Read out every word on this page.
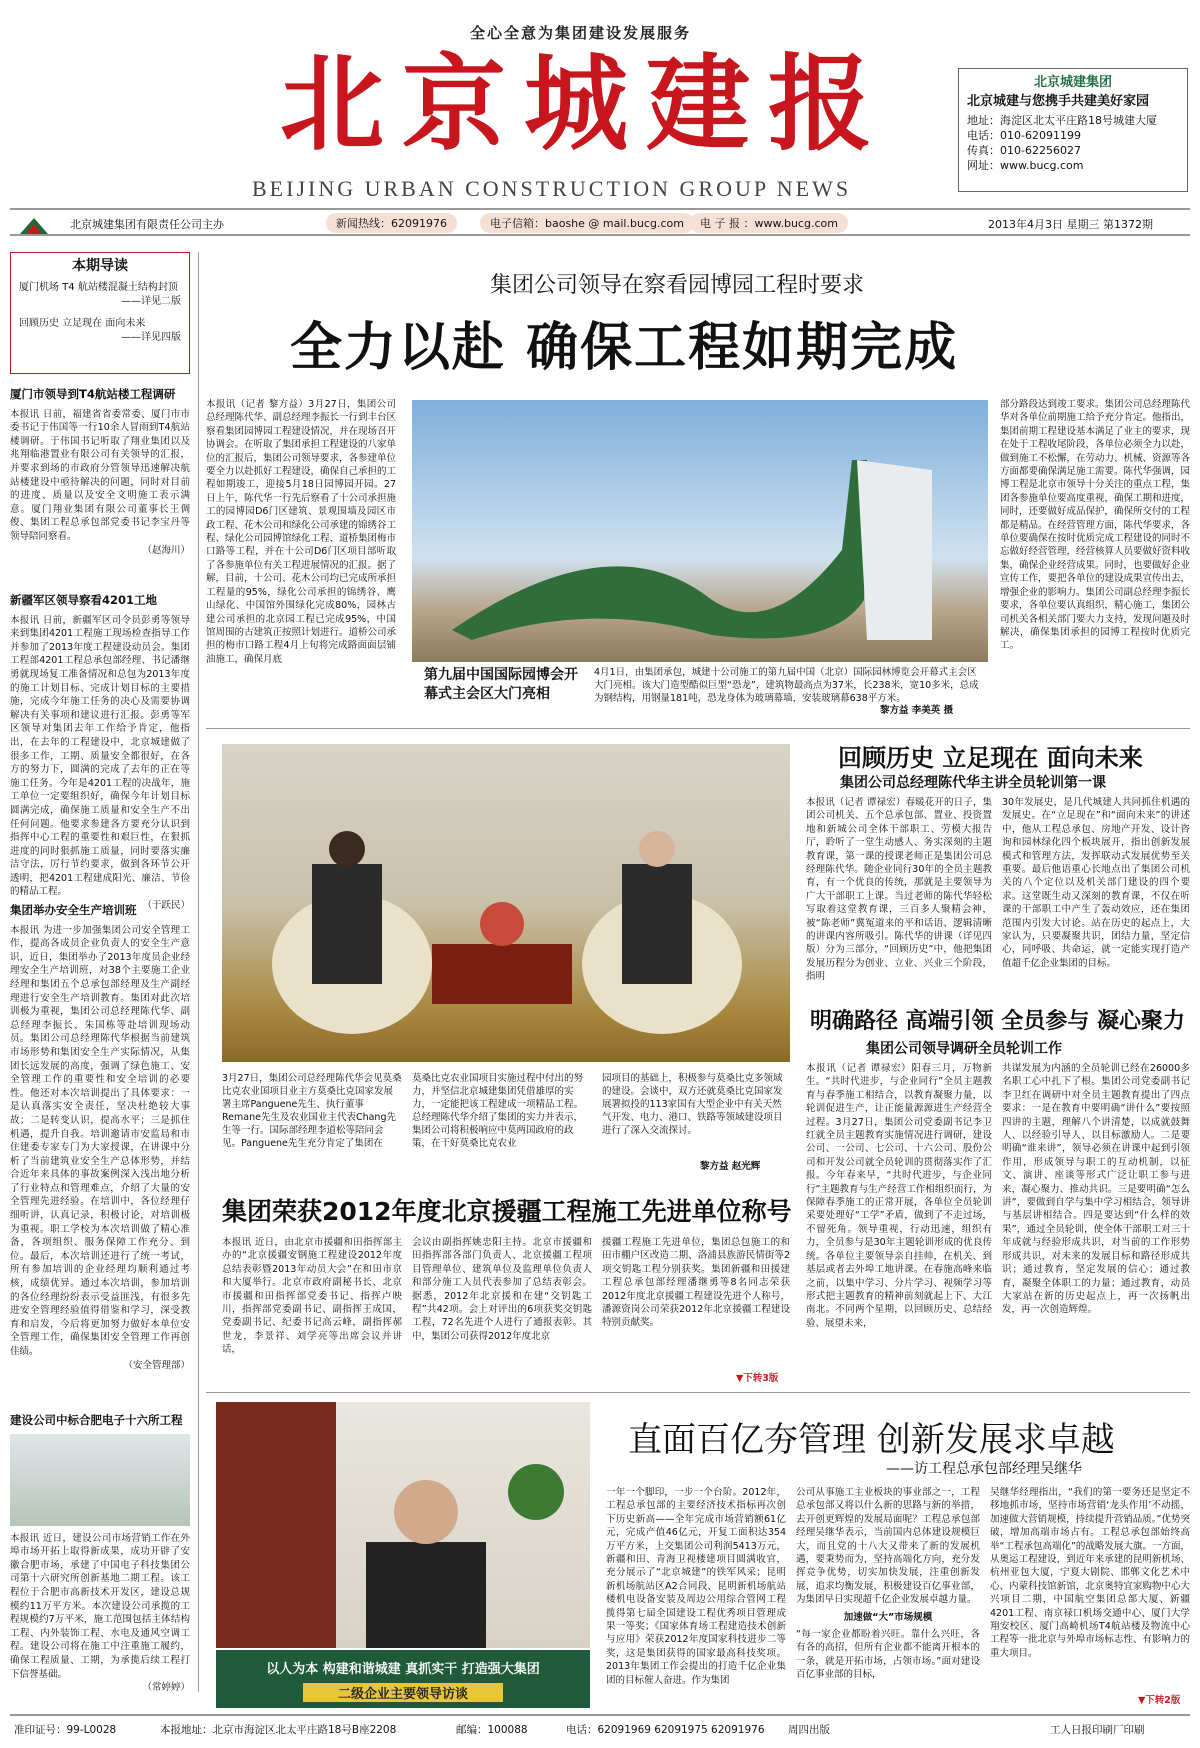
全心全意为集团建设发展服务
北京城建报
BEIJING URBAN CONSTRUCTION GROUP NEWS
北京城建集团
北京城建与您携手共建美好家园
地址：海淀区北太平庄路18号城建大厦
电话：010-62091199
传真：010-62256027
网址：www.bucg.com
北京城建集团有限责任公司主办	新闻热线：62091976	电子信箱：baoshe @ mail.bucg.com	电 子 报 ：www.bucg.com	2013年4月3日 星期三 第1372期
本期导读
厦门机场 T4 航站楼混凝土结构封顶
——详见二版
回顾历史 立足现在 面向未来
——详见四版
厦门市领导到T4航站楼工程调研
本报讯 日前，福建省省委常委、厦门市市委书记于伟国等一行10余人冒雨到T4航站楼调研。于伟国书记听取了翔业集团以及兆翔临港置业有限公司有关领导的汇报，并要求到场的市政府分管领导迅速解决航站楼建设中亟待解决的问题，同时对目前的进度、质量以及安全文明施工表示满意。厦门翔业集团有限公司董事长王倜俊、集团工程总承包部党委书记李宝丹等领导陪同察看。
（赵海川）
新疆军区领导察看4201工地
本报讯 日前，新疆军区司令员彭勇等领导来到集团4201工程施工现场检查指导工作并参加了2013年度工程建设动员会。集团工程部4201工程总承包部经理、书记潘继勇就现场复工准备情况和总包为2013年度的施工计划目标、完成计划目标的主要措施，完成今年施工任务的决心及需要协调解决有关事项和建议进行汇报。彭勇等军区领导对集团去年工作给予肯定，他指出，在去年的工程建设中，北京城建做了很多工作，工期、质量安全都很好，在各方的努力下，圆满的完成了去年的正在等施工任务。今年是4201工程的决战年，施工单位一定要组织好，确保今年计划目标圆满完成，确保施工质量和安全生产不出任何问题。他要求参建各方要充分认识到指挥中心工程的重要性和艰巨性，在狠抓进度的同时狠抓施工质量，同时要落实廉洁守法，厉行节约要求，做到各环节公开透明，把4201工程建成阳光、廉洁、节俭的精品工程。
（于跃民）
集团举办安全生产培训班
本报讯 为进一步加强集团公司安全管理工作，提高各成员企业负责人的安全生产意识，近日，集团举办了2013年度员企业经理安全生产培训班，对38个主要施工企业经理和集团五个总承包部经理及生产副经理进行安全生产培训教育。集团对此次培训极为重视，集团公司总经理陈代华、副总经理李振长、朱国栋等赴培训现场动员。集团公司总经理陈代华根据当前建筑市场形势和集团安全生产实际情况，从集团长远发展的高度，强调了绿色施工、安全管理工作的重要性和安全培训的必要性。他还对本次培训提出了具体要求：一是认真落实安全责任，坚决杜绝较大事故；二是转变认识，提高水平；三是抓住机遇，提升自我。培训邀请市安监局和市住建委专家专门为大家授课，在讲课中分析了当前建筑业安全生产总体形势，并结合近年来具体的事故案例深入浅出地分析了行业特点和管理难点，介绍了大量的安全管理先进经验。在培训中，各位经理仔细听讲，认真记录，积极讨论，对培训极为重视。职工学校为本次培训做了精心准备，各项组织、服务保障工作充分、到位。最后，本次培训还进行了统一考试，所有参加培训的企业经理均顺利通过考核，成绩优异。通过本次培训，参加培训的各位经理纷纷表示受益匪浅，有很多先进安全管理经验值得借鉴和学习，深受教育和启发，今后将更加努力做好本单位安全管理工作，确保集团安全管理工作再创佳绩。
（安全管理部）
建设公司中标合肥电子十六所工程
本报讯 近日，建设公司市场营销工作在外埠市场开拓上取得新成果，成功开辟了安徽合肥市场，承建了中国电子科技集团公司第十六研究所创新基地二期工程。该工程位于合肥市高新技术开发区，建设总规模约11万平方米。本次建设公司承揽的工程规模约7万平米，施工范围包括主体结构工程、内外装饰工程、水电及通风空调工程。建设公司将在施工中注重施工履约，确保工程质量、工期，为承揽后续工程打下信誉基础。
（常婷婷）
集团公司领导在察看园博园工程时要求
全力以赴 确保工程如期完成
本报讯（记者 黎方益）3月27日，集团公司总经理陈代华、副总经理李振长一行到丰台区察看集团园博园工程建设情况，并在现场召开协调会。在听取了集团承担工程建设的八家单位的汇报后，集团公司领导要求，各参建单位要全力以赴抓好工程建设，确保自己承担的工程如期竣工，迎接5月18日园博园开园。27日上午，陈代华一行先后察看了十公司承担施工的园博园D6门区建筑、景观围墙及园区市政工程、花木公司和绿化公司承建的锦绣谷工程、绿化公司园博馆绿化工程、道桥集团梅市口路等工程，并在十公司D6门区项目部听取了各参施单位有关工程进展情况的汇报。据了解，目前，十公司、花木公司均已完成所承担工程量的95%，绿化公司承担的锦绣谷、鹰山绿化、中国馆外围绿化完成80%，园林古建公司承担的北京园工程已完成95%，中国馆周围的古建筑正按照计划进行。道桥公司承担的梅市口路工程4月上旬将完成路面面层铺油施工，确保月底
第九届中国国际园博会开幕式主会区大门亮相
4月1日，由集团承包，城建十公司施工的第九届中国（北京）国际园林博览会开幕式主会区大门亮相。该大门造型酷似巨型“恐龙”，建筑物最高点为37米，长238米，宽10多米，总成为钢结构，用钢量181吨，恐龙身体为玻璃幕墙，安装玻璃幕638平方米。
黎方益 李美英 摄
部分路段达到竣工要求。集团公司总经理陈代华对各单位前期施工给予充分肯定。他指出，集团前期工程建设基本满足了业主的要求，现在处于工程收尾阶段，各单位必须全力以赴，做到施工不松懈，在劳动力、机械、资源等各方面都要确保满足施工需要。陈代华强调，园博工程是北京市领导十分关注的重点工程，集团各参施单位要高度重视，确保工期和进度，同时，还要做好成品保护，确保所交付的工程都是精品。在经营管理方面，陈代华要求，各单位要确保在按时优质完成工程建设的同时不忘做好经营管理，经营核算人员要做好资料收集，确保企业经营成果。同时，也要做好企业宣传工作，要把各单位的建设成果宣传出去，增强企业的影响力。集团公司副总经理李振长要求，各单位要认真组织，精心施工，集团公司机关各相关部门要大力支持，发现问题及时解决，确保集团承担的园博工程按时优质完工。
3月27日，集团公司总经理陈代华会见莫桑比克农业国项目业主方莫桑比克国家发展署主席Panguene先生、执行董事Remane先生及农业国业主代表Chang先生等一行。国际部经理李道松等陪同会见。Panguene先生充分肯定了集团在
莫桑比克农业国项目实施过程中付出的努力，并坚信北京城建集团凭借雄厚的实力，一定能把该工程建成一项精品工程。总经理陈代华介绍了集团的实力并表示，集团公司将积极响应中莫两国政府的政策，在干好莫桑比克农业
园项目的基础上，积极参与莫桑比克多领域的建设。会谈中，双方还就莫桑比克国家发展署拟投的113家国有大型企业中有关天然气开发、电力、港口、铁路等领域建设项目进行了深入交流探讨。
黎方益 赵光辉
回顾历史 立足现在 面向未来
集团公司总经理陈代华主讲全员轮训第一课
本报讯（记者 谭禄宏）春暖花开的日子，集团公司机关、五个总承包部、置业、投资置地和新城公司全体干部职工、劳模大报告厅，聆听了一堂生动感人、务实深刻的主题教育课，第一课的授课老师正是集团公司总经理陈代华。随企业同行30年的全员主题教育，有一个优良的传统，那就是主要领导为广大干部职工上课。当过老师的陈代华轻松写取着这堂教育课，三百多人聚精会神，被“陈老师”冀冤道来的平和话语、逻辑清晰的讲课内容所吸引。陈代华的讲课（详见四版）分为三部分，“回顾历史”中，他把集团发展历程分为创业、立业、兴业三个阶段，指明
30年发展史，是几代城建人共同抓住机遇的发展史。在“立足现在”和“面向未来”的讲述中，他从工程总承包、房地产开发、设计咨询和园林绿化四个板块展开，指出创新发展模式和管理方法，发挥联动式发展优势至关重要。最后他语重心长地点出了集团公司机关的八个定位以及机关部门建设的四个要求。这堂既生动又深刻的教育课，不仅在听课的干部职工中产生了轰动效应，还在集团范围内引发大讨论。站在历史的起点上，大家认为，只要凝聚共识，团结力量，坚定信心，同呼吸、共命运，就一定能实现打造产值超千亿企业集团的目标。
明确路径 高端引领 全员参与 凝心聚力
集团公司领导调研全员轮训工作
本报讯（记者 谭禄宏）阳春三月，万物新生。“共时代进步，与企业同行”全员主题教育与春季施工相结合，以教育凝聚力量，以轮训促进生产，让正能量源源进生产经营全过程。3月27日，集团公司党委副书记李卫红就全员主题教育实施情况进行调研，建设公司、一公司、七公司、十六公司、股份公司和开发公司就全员轮训的贯彻落实作了汇报。今年春来早，“共时代进步，与企业同行”主题教育与生产经营工作相组织而行，为保障春季施工的正常开展，各单位全员轮训采要处理好“工学”矛盾，做到了不走过场，不留死角。领导重视，行动迅速，组织有力，全员参与是30年主题轮训形成的优良传统。各单位主要领导亲自挂帅，在机关、到基层或者去外埠工地讲课。在春施高峰来临之前，以集中学习、分片学习、视频学习等形式把主题教育的精神前刻就起上下、大江南北。不同两个星期，以回顾历史、总结经验、展望未来，
共谋发展为内涵的全员轮训已经在26000多名职工心中扎下了根。集团公司党委副书记李卫红在调研中对全员主题教育提出了四点要求：一是在教育中要明确“讲什么”要按照四讲的主题，理解八个讲清楚，以成就鼓舞人、以经验引导人、以目标激励人。二是要明确“谁来讲”，领导必须在讲课中起到引领作用，形成领导与职工的互动机制，以征文、演讲、座谈等形式广泛让职工参与进来，凝心聚力、推动共识。三是要明确“怎么讲”，要做到自学与集中学习相结合，领导讲与基层讲相结合。四是要达到“什么样的效果”，通过全员轮训，使全体干部职工对三十年成就与经验形成共识，对当前的工作形势形成共识，对未来的发展目标和路径形成共识；通过教育，坚定发展的信心；通过教育，凝聚全体职工的力量；通过教育，动员大家站在新的历史起点上，再一次扬帆出发，再一次创造辉煌。
集团荣获2012年度北京援疆工程施工先进单位称号
本报讯 近日，由北京市援疆和田指挥部主办的“北京援疆安钢施工程建设2012年度总结表彰暨2013年动员大会”在和田市京和大厦举行。北京市政府副秘书长、北京市援疆和田指挥部党委书记、指挥卢映川，指挥部党委副书记、副指挥王成国，党委副书记、纪委书记高云峰，副指挥郝世龙，李景祥、刘学亮等出席会议并讲话，
会议由副指挥姚忠阳主持。北京市援疆和田指挥部各部门负责人、北京援疆工程项目管理单位、建筑单位及监理单位负责人和部分施工人员代表参加了总结表彰会。据悉，2012年北京援和在建“交钥匙工程”共42项。会上对评出的6项获奖交钥匙工程，72名先进个人进行了通报表彰。其中，集团公司获得2012年度北京
援疆工程施工先进单位，集团总包施工的和田市棚户区改造二期、洛浦县族游民情街等2项交钥匙工程分别获奖。集团新疆和田援建工程总承包部经理潘继勇等8名同志荣获2012年度北京援疆工程建设先进个人称号，潘源资岗公司荣获2012年北京援疆工程建设特别贡献奖。
▼下转3版
以人为本 构建和谐城建 真抓实干 打造强大集团
二级企业主要领导访谈
直面百亿夯管理 创新发展求卓越
——访工程总承包部经理吴继华
一年一个脚印，一步一个台阶。2012年，工程总承包部的主要经济技术指标再次创下历史新高——全年完成市场营销额61亿元，完成产值46亿元，开复工面积达354万平方米，上交集团公司利润5413万元，新疆和田、青海卫视楼建项目圆满收官，充分展示了“北京城建”的铁军风采；昆明新机场航站区A2合同段、昆明新机场航站楼机电设备安装及周边公用综合管网工程揽得第七届全国建设工程优秀项目管理成果一等奖；《国家体育场工程建造技术创新与应用》荣获2012年度国家科技进步二等奖，这是集团获得的国家最高科技奖项。2013年集团工作会提出的打造千亿企业集团的目标催人奋进。作为集团
公司从事施工主业板块的事业部之一，工程总承包部又将以什么新的思路与新的举措，去开创更辉煌的发展局面呢？工程总承包部经理吴继华表示，当前国内总体建设规模巨大，而且党的十八大又带来了新的发展机遇，要秉势而为，坚持高端化方向，充分发挥竞争优势，切实加快发展，注重创新发展，追求均衡发展，积极建设百亿事业部，为集团早日实现超千亿企业发展卓越力量。
加速做“大”市场规模
“每一家企业都盼着兴旺。靠什么兴旺，各有各的高招，但所有企业都不能离开根本的一条，就是开拓市场，占领市场。”面对建设百亿事业部的目标，
吴继华经理指出，“我们的第一要务还是坚定不移地抓市场，坚持市场营销‘龙头作用’不动摇，加速做大营销规模，持续提升营销品质。”优势突破，增加高端市场占有。工程总承包部始终高举“工程承包高端化”的战略发展大旗。一方面，从奥运工程建设，到近年来承建的昆明新机场、杭州亚包大厦，宁夏大剧院、邯郸文化艺术中心、内蒙科技馆新馆，北京奥特宜家购物中心大兴项目二期，中国航空集团总部大厦、新疆4201工程、南京禄口机场交通中心、厦门大学翔安校区、厦门高崎机场T4航站楼及物流中心工程等一批北京与外埠市场标志性、有影响力的重大项目。
▼下转2版
准印证号：99-L0028	本报地址：北京市海淀区北太平庄路18号B座2208	邮编：100088	电话：62091969 62091975 62091976 周四出版	工人日报印刷厂印刷
